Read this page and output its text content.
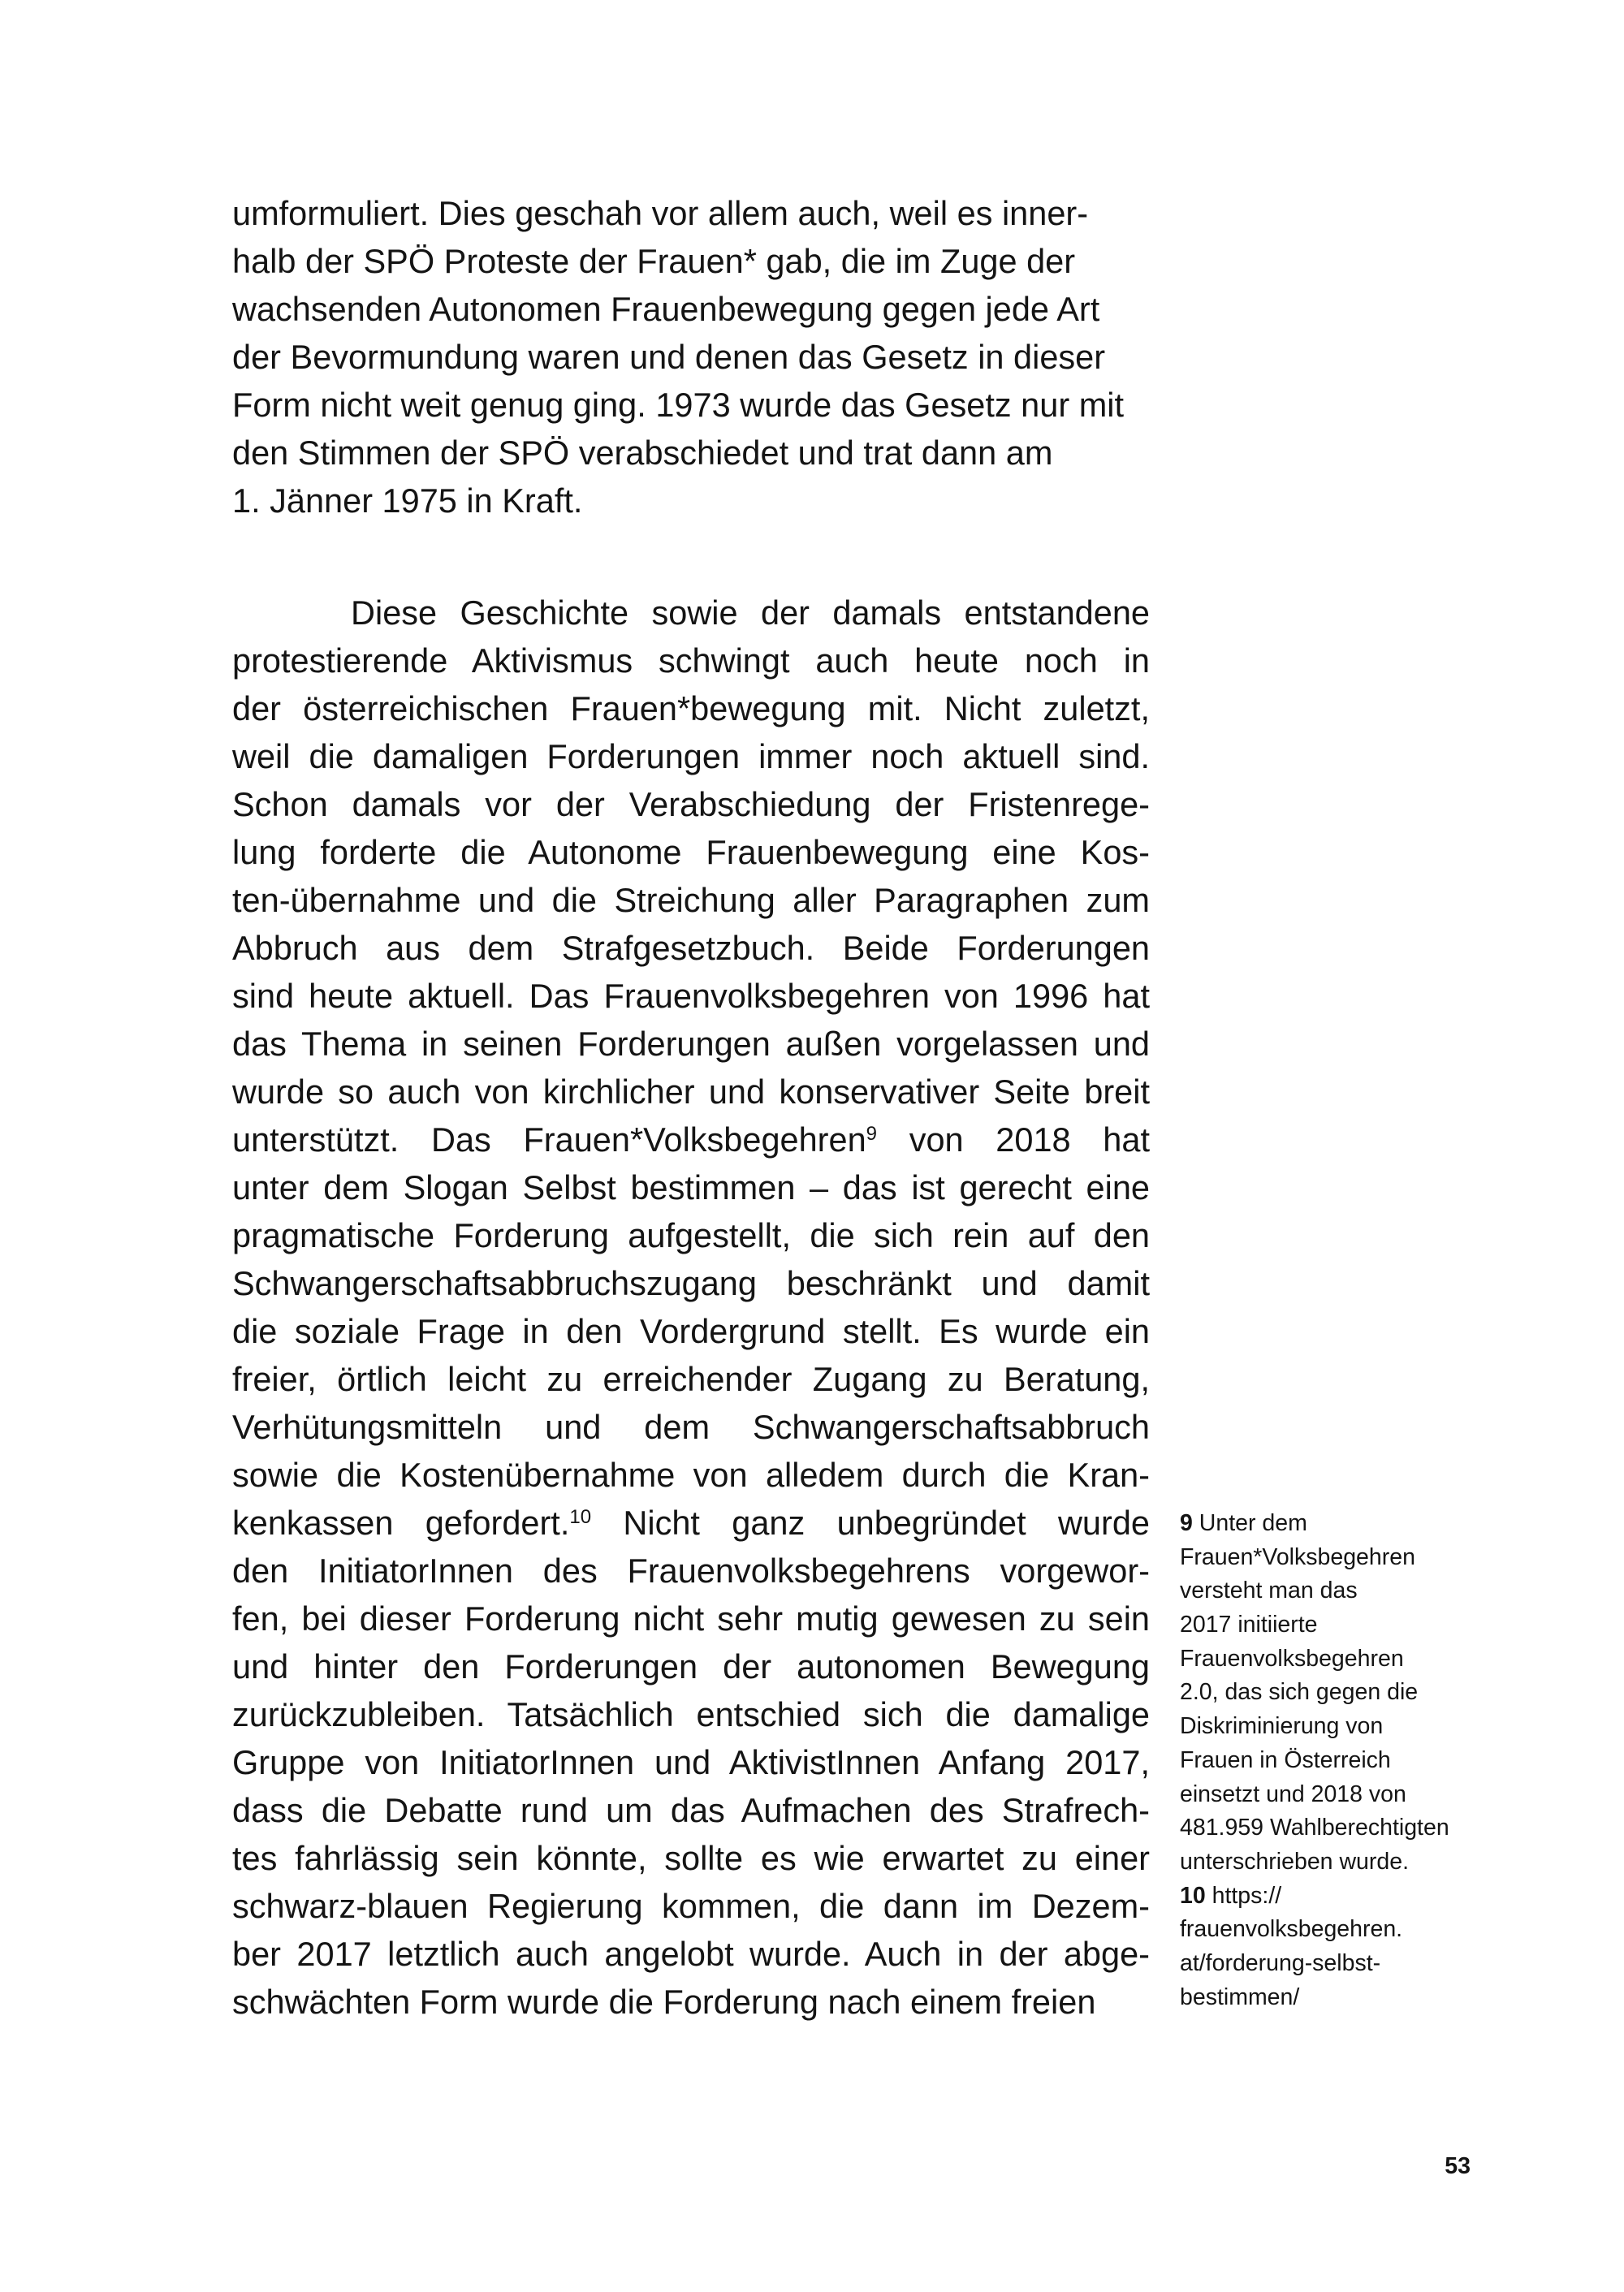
umformuliert. Dies geschah vor allem auch, weil es inner-
halb der SPÖ Proteste der Frauen* gab, die im Zuge der
wachsenden Autonomen Frauenbewegung gegen jede Art
der Bevormundung waren und denen das Gesetz in dieser
Form nicht weit genug ging. 1973 wurde das Gesetz nur mit
den Stimmen der SPÖ verabschiedet und trat dann am
1. Jänner 1975 in Kraft.
Diese Geschichte sowie der damals entstandene
protestierende Aktivismus schwingt auch heute noch in
der österreichischen Frauen*bewegung mit. Nicht zuletzt,
weil die damaligen Forderungen immer noch aktuell sind.
Schon damals vor der Verabschiedung der Fristenrege-
lung forderte die Autonome Frauenbewegung eine Kos-
ten-übernahme und die Streichung aller Paragraphen zum
Abbruch aus dem Strafgesetzbuch. Beide Forderungen
sind heute aktuell. Das Frauenvolksbegehren von 1996 hat
das Thema in seinen Forderungen außen vorgelassen und
wurde so auch von kirchlicher und konservativer Seite breit
unterstützt. Das Frauen*Volksbegehren$^9$ von 2018 hat
unter dem Slogan Selbst bestimmen – das ist gerecht eine
pragmatische Forderung aufgestellt, die sich rein auf den
Schwangerschaftsabbruchszugang beschränkt und damit
die soziale Frage in den Vordergrund stellt. Es wurde ein
freier, örtlich leicht zu erreichender Zugang zu Beratung,
Verhütungsmitteln und dem Schwangerschaftsabbruch
sowie die Kostenübernahme von alledem durch die Kran-
kenkassen gefordert.$^{10}$ Nicht ganz unbegründet wurde
den InitiatorInnen des Frauenvolksbegehrens vorgewor-
fen, bei dieser Forderung nicht sehr mutig gewesen zu sein
und hinter den Forderungen der autonomen Bewegung
zurückzubleiben. Tatsächlich entschied sich die damalige
Gruppe von InitiatorInnen und AktivistInnen Anfang 2017,
dass die Debatte rund um das Aufmachen des Strafrech-
tes fahrlässig sein könnte, sollte es wie erwartet zu einer
schwarz-blauen Regierung kommen, die dann im Dezem-
ber 2017 letztlich auch angelobt wurde. Auch in der abge-
schwächten Form wurde die Forderung nach einem freien
9 Unter dem
Frauen*Volksbegehren
versteht man das
2017 initiierte
Frauenvolksbegehren
2.0, das sich gegen die
Diskriminierung von
Frauen in Österreich
einsetzt und 2018 von
481.959 Wahlberechtigten
unterschrieben wurde.
10 https://
frauenvolksbegehren.
at/forderung-selbst-
bestimmen/
53
